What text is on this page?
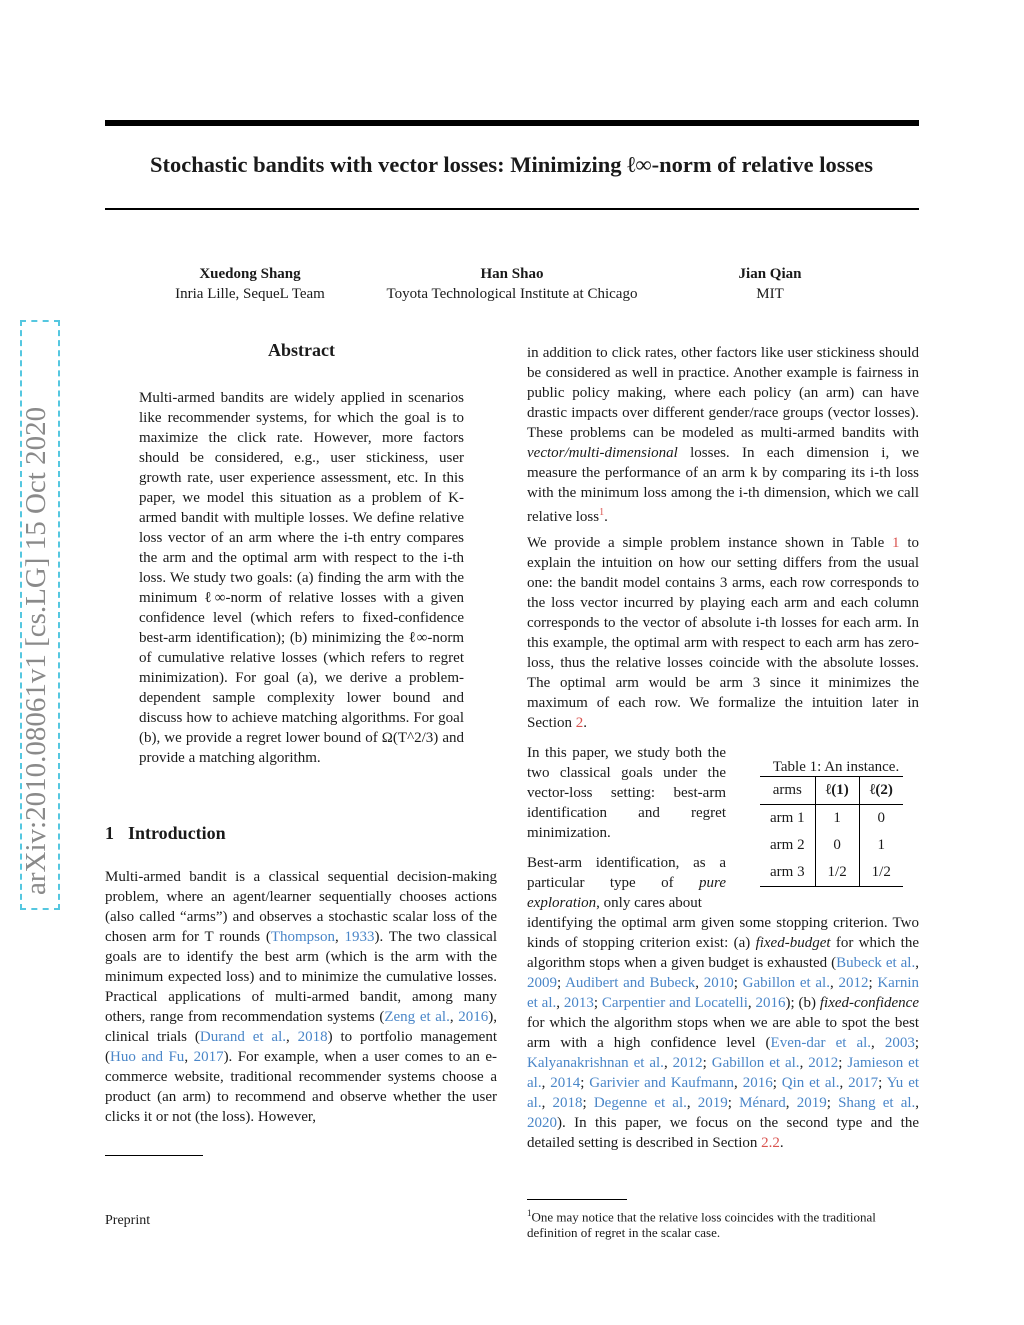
Stochastic bandits with vector losses: Minimizing ℓ∞-norm of relative losses
Xuedong Shang
Inria Lille, SequeL Team
Han Shao
Toyota Technological Institute at Chicago
Jian Qian
MIT
arXiv:2010.08061v1 [cs.LG] 15 Oct 2020
Abstract

Multi-armed bandits are widely applied in scenarios like recommender systems, for which the goal is to maximize the click rate. However, more factors should be considered, e.g., user stickiness, user growth rate, user experience assessment, etc. In this paper, we model this situation as a problem of K-armed bandit with multiple losses. We define relative loss vector of an arm where the i-th entry compares the arm and the optimal arm with respect to the i-th loss. We study two goals: (a) finding the arm with the minimum ℓ∞-norm of relative losses with a given confidence level (which refers to fixed-confidence best-arm identification); (b) minimizing the ℓ∞-norm of cumulative relative losses (which refers to regret minimization). For goal (a), we derive a problem-dependent sample complexity lower bound and discuss how to achieve matching algorithms. For goal (b), we provide a regret lower bound of Ω(T^2/3) and provide a matching algorithm.

1 Introduction

Multi-armed bandit is a classical sequential decision-making problem, where an agent/learner sequentially chooses actions (also called “arms”) and observes a stochastic scalar loss of the chosen arm for T rounds (Thompson, 1933). The two classical goals are to identify the best arm (which is the arm with the minimum expected loss) and to minimize the cumulative losses. Practical applications of multi-armed bandit, among many others, range from recommendation systems (Zeng et al., 2016), clinical trials (Durand et al., 2018) to portfolio management (Huo and Fu, 2017). For example, when a user comes to an e-commerce website, traditional recommender systems choose a product (an arm) to recommend and observe whether the user clicks it or not (the loss). However,

Preprint

in addition to click rates, other factors like user stickiness should be considered as well in practice. Another example is fairness in public policy making, where each policy (an arm) can have drastic impacts over different gender/race groups (vector losses). These problems can be modeled as multi-armed bandits with vector/multi-dimensional losses. In each dimension i, we measure the performance of an arm k by comparing its i-th loss with the minimum loss among the i-th dimension, which we call relative loss$^1$.

We provide a simple problem instance shown in Table 1 to explain the intuition on how our setting differs from the usual one: the bandit model contains 3 arms, each row corresponds to the loss vector incurred by playing each arm and each column corresponds to the vector of absolute i-th losses for each arm. In this example, the optimal arm with respect to each arm has zero-loss, thus the relative losses coincide with the absolute losses. The optimal arm would be arm 3 since it minimizes the maximum of each row. We formalize the intuition later in Section 2.

In this paper, we study both the two classical goals under the vector-loss setting: best-arm identification and regret minimization.

Best-arm identification, as a particular type of pure exploration, only cares about

Table 1: An instance.
arms	ℓ(1)	ℓ(2)
arm 1	1	0
arm 2	0	1
arm 3	1/2	1/2

identifying the optimal arm given some stopping criterion. Two kinds of stopping criterion exist: (a) fixed-budget for which the algorithm stops when a given budget is exhausted (Bubeck et al., 2009; Audibert and Bubeck, 2010; Gabillon et al., 2012; Karnin et al., 2013; Carpentier and Locatelli, 2016); (b) fixed-confidence for which the algorithm stops when we are able to spot the best arm with a high confidence level (Even-dar et al., 2003; Kalyanakrishnan et al., 2012; Gabillon et al., 2012; Jamieson et al., 2014; Garivier and Kaufmann, 2016; Qin et al., 2017; Yu et al., 2018; Degenne et al., 2019; Ménard, 2019; Shang et al., 2020). In this paper, we focus on the second type and the detailed setting is described in Section 2.2.

$^1$One may notice that the relative loss coincides with the traditional definition of regret in the scalar case.
